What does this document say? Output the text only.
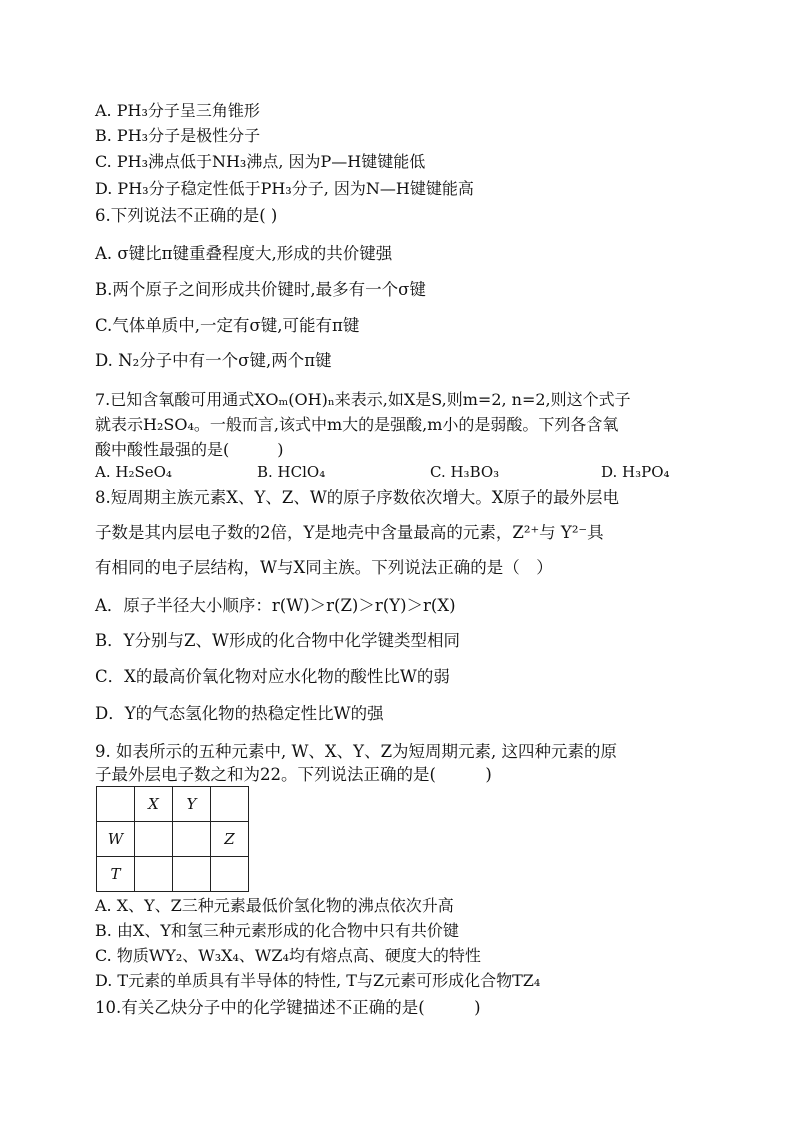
A. PH₃分子呈三角锥形
B. PH₃分子是极性分子
C. PH₃沸点低于NH₃沸点, 因为P—H键键能低
D. PH₃分子稳定性低于PH₃分子, 因为N—H键键能高
6.下列说法不正确的是( )
A. σ键比π键重叠程度大,形成的共价键强
B.两个原子之间形成共价键时,最多有一个σ键
C.气体单质中,一定有σ键,可能有π键
D. N₂分子中有一个σ键,两个π键
7.已知含氧酸可用通式XOₘ(OH)ₙ来表示,如X是S,则m=2, n=2,则这个式子
就表示H₂SO₄。一般而言,该式中m大的是强酸,m小的是弱酸。下列各含氧
酸中酸性最强的是(　　　)
A. H₂SeO₄	B. HClO₄	C. H₃BO₃	D. H₃PO₄
8.短周期主族元素X、Y、Z、W的原子序数依次增大。X原子的最外层电
子数是其内层电子数的2倍，Y是地壳中含量最高的元素，Z²⁺与 Y²⁻具
有相同的电子层结构，W与X同主族。下列说法正确的是（　）
A．原子半径大小顺序：r(W)＞r(Z)＞r(Y)＞r(X)
B．Y分别与Z、W形成的化合物中化学键类型相同
C．X的最高价氧化物对应水化物的酸性比W的弱
D．Y的气态氢化物的热稳定性比W的强
9. 如表所示的五种元素中, W、X、Y、Z为短周期元素, 这四种元素的原
子最外层电子数之和为22。下列说法正确的是(　　　)
	X	Y	
W			Z
T			
A. X、Y、Z三种元素最低价氢化物的沸点依次升高
B. 由X、Y和氢三种元素形成的化合物中只有共价键
C. 物质WY₂、W₃X₄、WZ₄均有熔点高、硬度大的特性
D. T元素的单质具有半导体的特性, T与Z元素可形成化合物TZ₄
10.有关乙炔分子中的化学键描述不正确的是(　　　)
